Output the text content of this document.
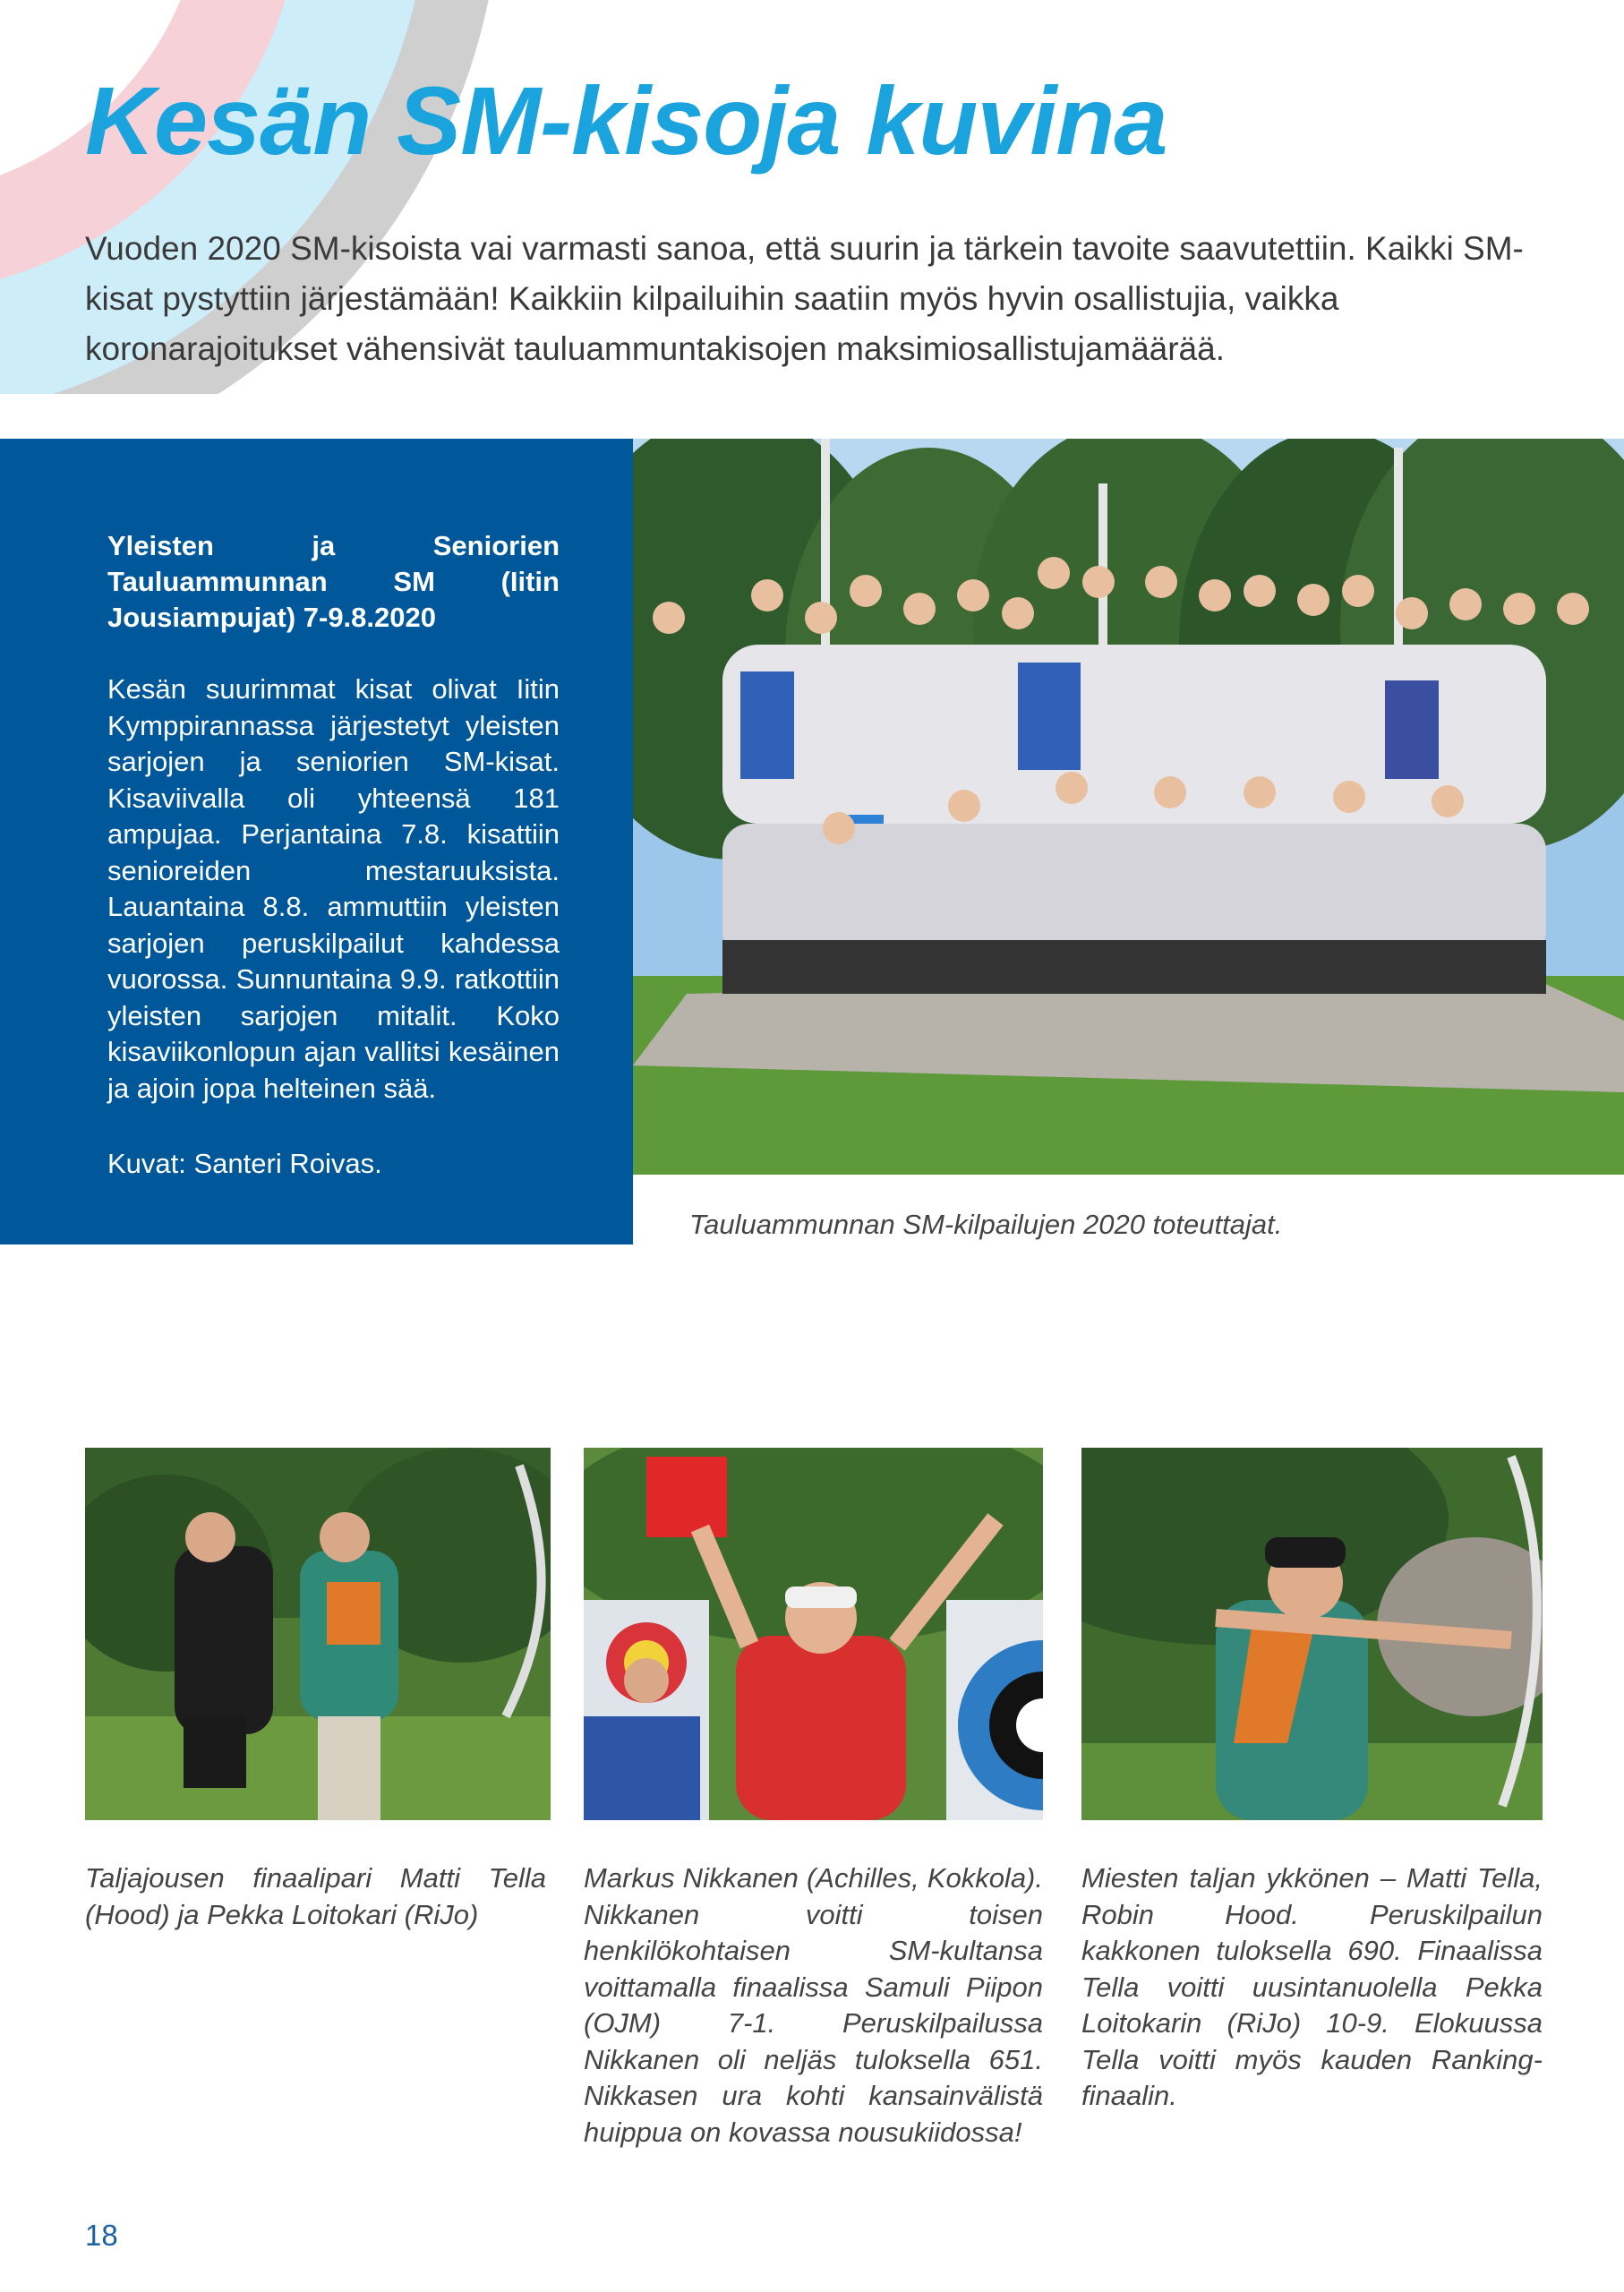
Kesän SM-kisoja kuvina

Vuoden 2020 SM-kisoista vai varmasti sanoa, että suurin ja tärkein tavoite saavutettiin. Kaikki SM-kisat pystyttiin järjestämään! Kaikkiin kilpailuihin saatiin myös hyvin osallistujia, vaikka koronarajoitukset vähensivät tauluammuntakisojen maksimiosallistujamäärää.

Yleisten ja Seniorien Tauluammunnan SM (Iitin Jousiampujat) 7-9.8.2020

Kesän suurimmat kisat olivat Iitin Kymppirannassa järjestetyt yleisten sarjojen ja seniorien SM-kisat. Kisaviivalla oli yhteensä 181 ampujaa. Perjantaina 7.8. kisattiin senioreiden mestaruuksista. Lauantaina 8.8. ammuttiin yleisten sarjojen peruskilpailut kahdessa vuorossa. Sunnuntaina 9.9. ratkottiin yleisten sarjojen mitalit. Koko kisaviikonlopun ajan vallitsi kesäinen ja ajoin jopa helteinen sää.

Kuvat: Santeri Roivas.

Tauluammunnan SM-kilpailujen 2020 toteuttajat.

Taljajousen finaalipari Matti Tella (Hood) ja Pekka Loitokari (RiJo)

Markus Nikkanen (Achilles, Kokkola). Nikkanen voitti toisen henkilökohtaisen SM-kultansa voittamalla finaalissa Samuli Piipon (OJM) 7-1. Peruskilpailussa Nikkanen oli neljäs tuloksella 651. Nikkasen ura kohti kansainvälistä huippua on kovassa nousukiidossa!

Miesten taljan ykkönen – Matti Tella, Robin Hood. Peruskilpailun kakkonen tuloksella 690. Finaalissa Tella voitti uusintanuolella Pekka Loitokarin (RiJo) 10-9. Elokuussa Tella voitti myös kauden Ranking-finaalin.

18
